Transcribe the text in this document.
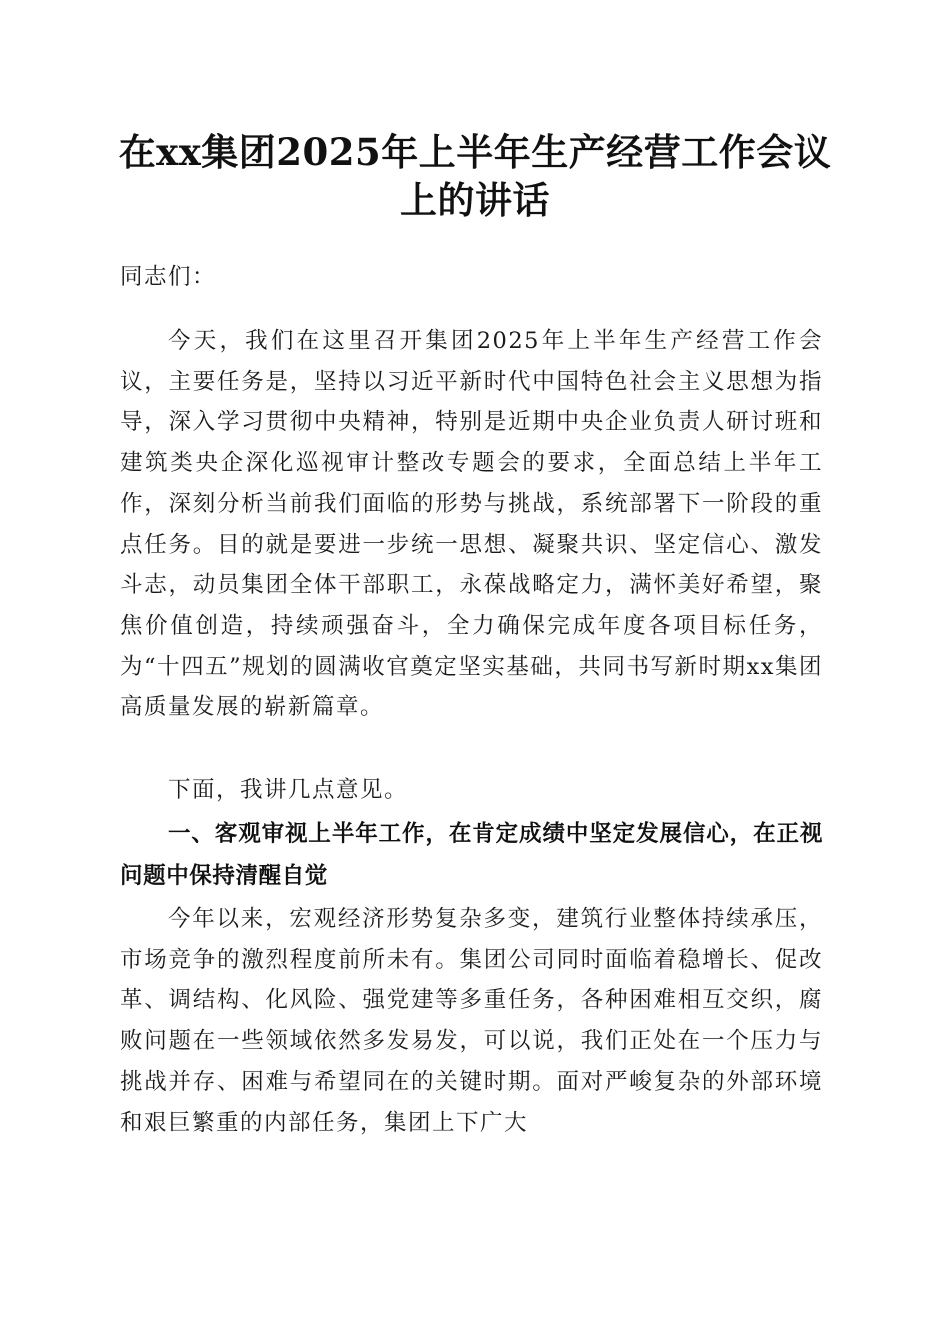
在xx集团2025年上半年生产经营工作会议上的讲话

同志们：

今天，我们在这里召开集团2025年上半年生产经营工作会议，主要任务是，坚持以习近平新时代中国特色社会主义思想为指导，深入学习贯彻中央精神，特别是近期中央企业负责人研讨班和建筑类央企深化巡视审计整改专题会的要求，全面总结上半年工作，深刻分析当前我们面临的形势与挑战，系统部署下一阶段的重点任务。目的就是要进一步统一思想、凝聚共识、坚定信心、激发斗志，动员集团全体干部职工，永葆战略定力，满怀美好希望，聚焦价值创造，持续顽强奋斗，全力确保完成年度各项目标任务，为“十四五”规划的圆满收官奠定坚实基础，共同书写新时期xx集团高质量发展的崭新篇章。

下面，我讲几点意见。

一、客观审视上半年工作，在肯定成绩中坚定发展信心，在正视问题中保持清醒自觉

今年以来，宏观经济形势复杂多变，建筑行业整体持续承压，市场竞争的激烈程度前所未有。集团公司同时面临着稳增长、促改革、调结构、化风险、强党建等多重任务，各种困难相互交织，腐败问题在一些领域依然多发易发，可以说，我们正处在一个压力与挑战并存、困难与希望同在的关键时期。面对严峻复杂的外部环境和艰巨繁重的内部任务，集团上下广大
